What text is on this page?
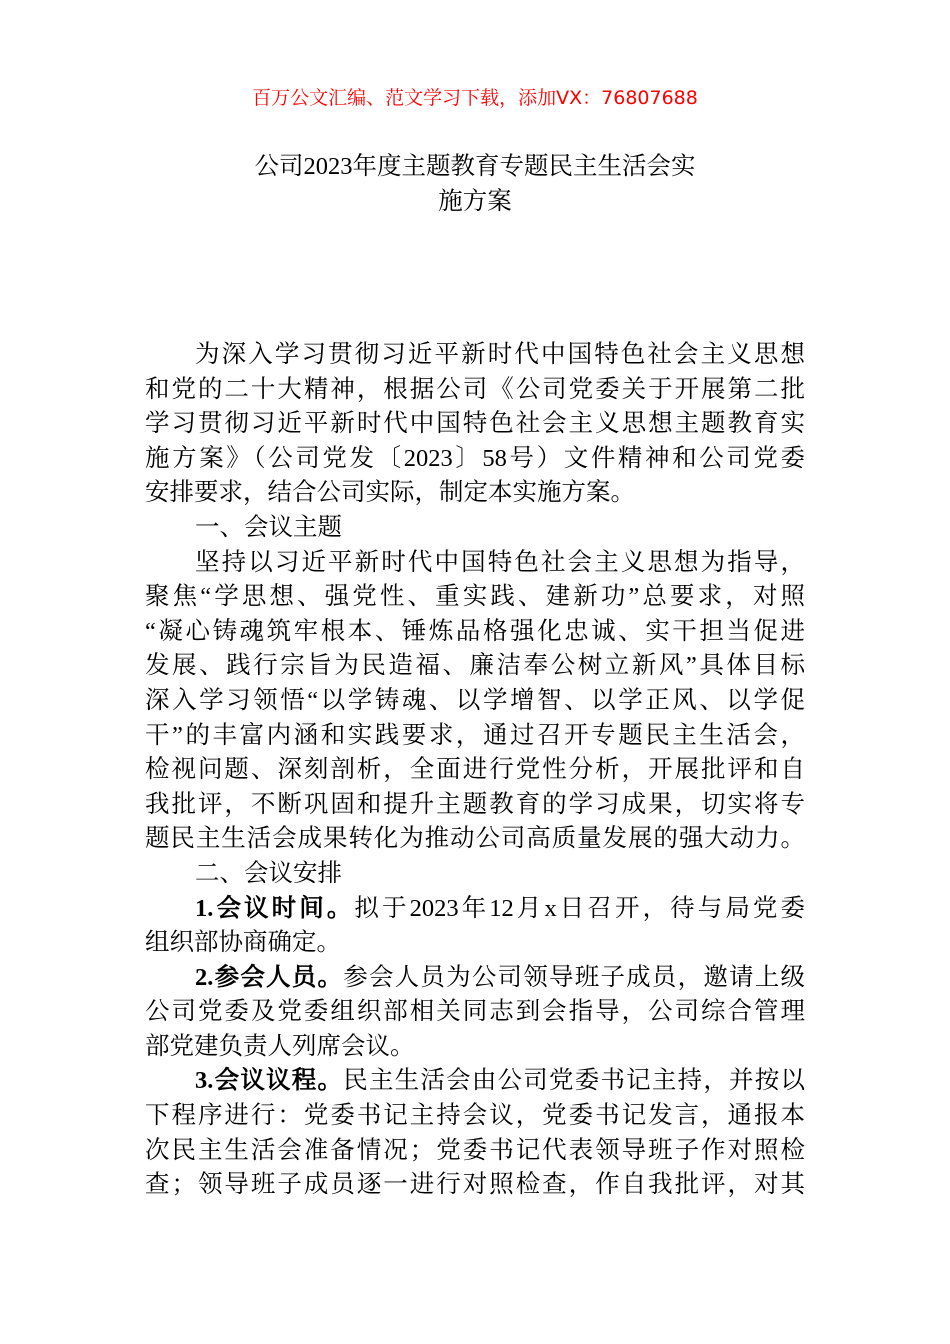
百万公文汇编、范文学习下载，添加VX：76807688
公司2023年度主题教育专题民主生活会实
施方案
为深入学习贯彻习近平新时代中国特色社会主义思想
和党的二十大精神，根据公司《公司党委关于开展第二批
学习贯彻习近平新时代中国特色社会主义思想主题教育实
施方案》（公司党发〔2023〕58号）文件精神和公司党委
安排要求，结合公司实际，制定本实施方案。
一、会议主题
坚持以习近平新时代中国特色社会主义思想为指导，
聚焦“学思想、强党性、重实践、建新功”总要求，对照
“凝心铸魂筑牢根本、锤炼品格强化忠诚、实干担当促进
发展、践行宗旨为民造福、廉洁奉公树立新风”具体目标
深入学习领悟“以学铸魂、以学增智、以学正风、以学促
干”的丰富内涵和实践要求，通过召开专题民主生活会，
检视问题、深刻剖析，全面进行党性分析，开展批评和自
我批评，不断巩固和提升主题教育的学习成果，切实将专
题民主生活会成果转化为推动公司高质量发展的强大动力。
二、会议安排
1.会议时间。拟于2023年12月x日召开，待与局党委
组织部协商确定。
2.参会人员。参会人员为公司领导班子成员，邀请上级
公司党委及党委组织部相关同志到会指导，公司综合管理
部党建负责人列席会议。
3.会议议程。民主生活会由公司党委书记主持，并按以
下程序进行：党委书记主持会议，党委书记发言，通报本
次民主生活会准备情况；党委书记代表领导班子作对照检
查；领导班子成员逐一进行对照检查，作自我批评，对其
